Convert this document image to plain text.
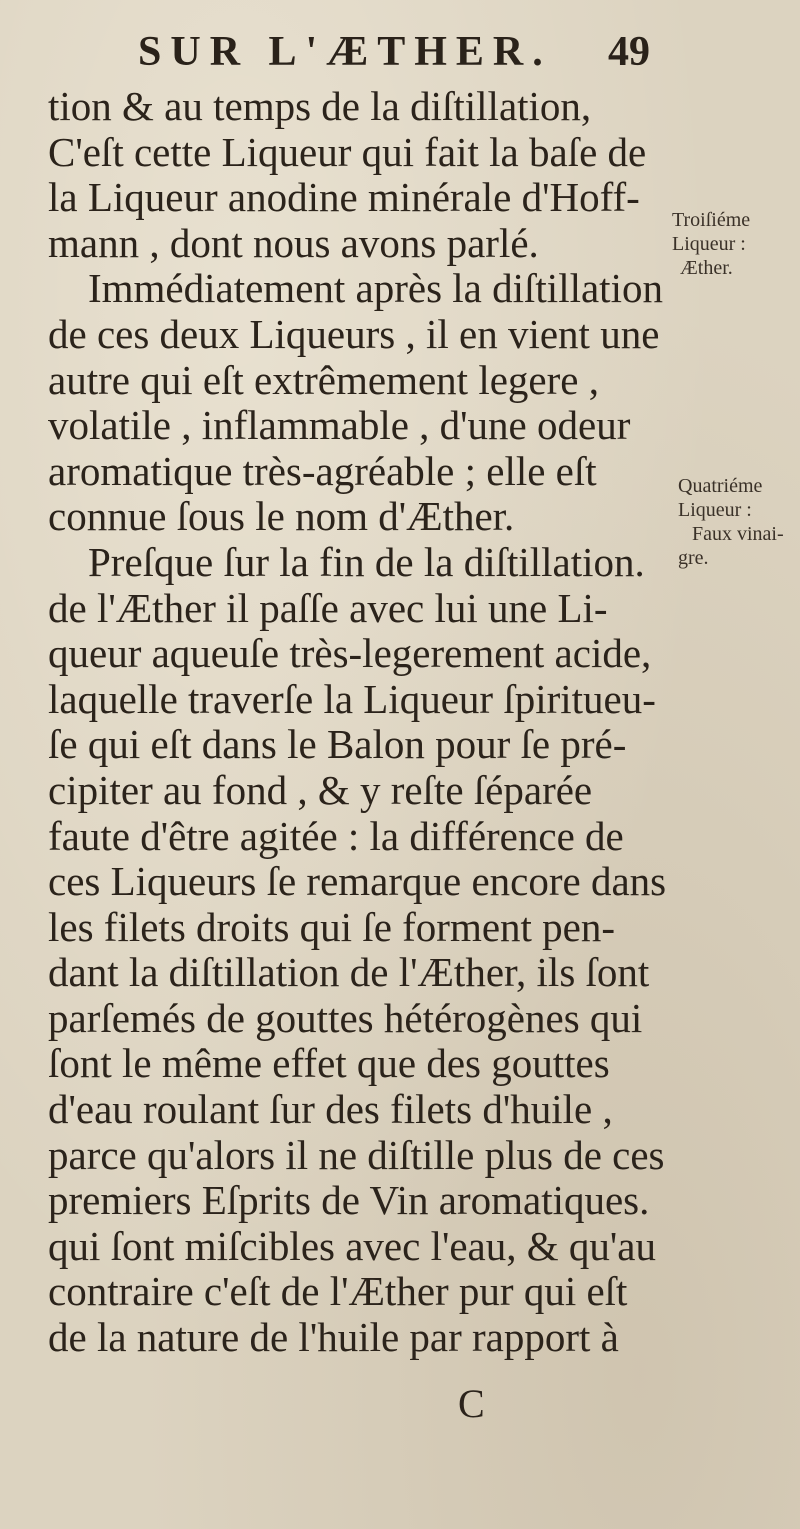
SUR L'ÆTHER. 49
tion & au temps de la diſtillation,
C'eſt cette Liqueur qui fait la baſe de
la Liqueur anodine minérale d'Hoff-
mann , dont nous avons parlé.
Immédiatement après la diſtillation
de ces deux Liqueurs , il en vient une
autre qui eſt extrêmement legere ,
volatile , inflammable , d'une odeur
aromatique très-agréable ; elle eſt
connue ſous le nom d'Æther.
Preſque ſur la fin de la diſtillation.
de l'Æther il paſſe avec lui une Li-
queur aqueuſe très-legerement acide,
laquelle traverſe la Liqueur ſpiritueu-
ſe qui eſt dans le Balon pour ſe pré-
cipiter au fond , & y reſte ſéparée
faute d'être agitée : la différence de
ces Liqueurs ſe remarque encore dans
les filets droits qui ſe forment pen-
dant la diſtillation de l'Æther, ils ſont
parſemés de gouttes hétérogènes qui
ſont le même effet que des gouttes
d'eau roulant ſur des filets d'huile ,
parce qu'alors il ne diſtille plus de ces
premiers Eſprits de Vin aromatiques.
qui ſont miſcibles avec l'eau, & qu'au
contraire c'eſt de l'Æther pur qui eſt
de la nature de l'huile par rapport à
Troiſiéme
Liqueur :
Æther.
Quatriéme
Liqueur :
Faux vinai-
gre.
C
